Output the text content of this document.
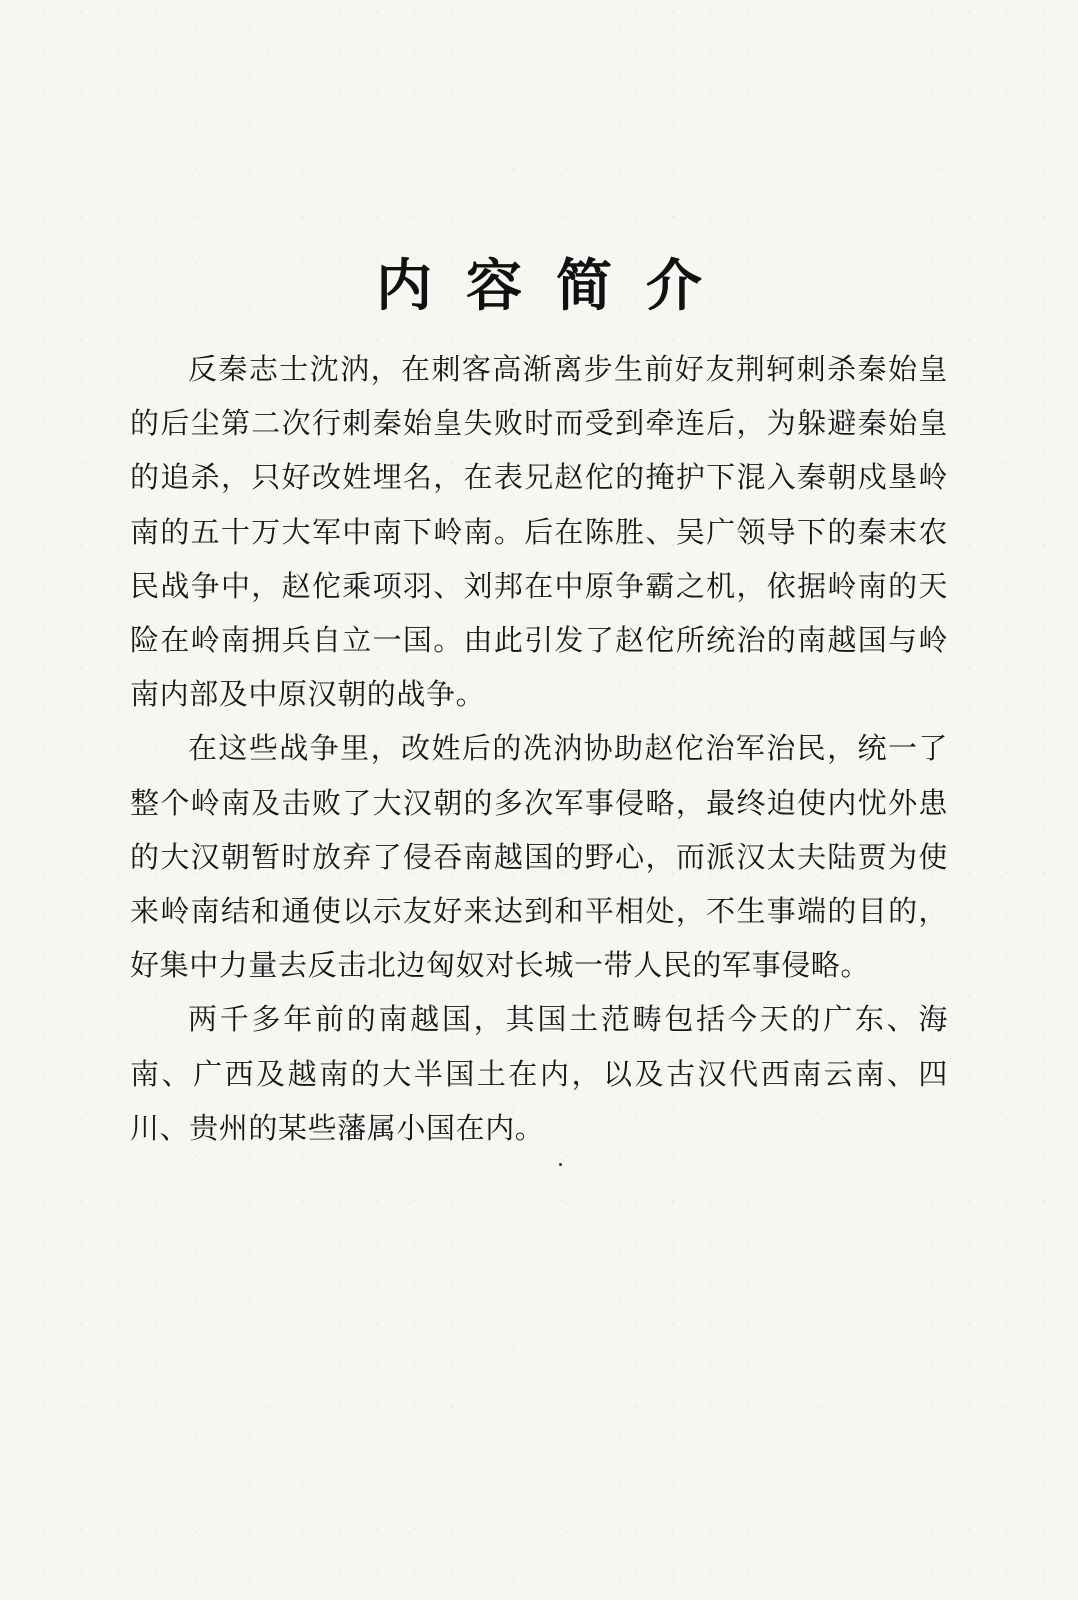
内容简介

反秦志士沈汭，在刺客高渐离步生前好友荆轲刺杀秦始皇的后尘第二次行刺秦始皇失败时而受到牵连后，为躲避秦始皇的追杀，只好改姓埋名，在表兄赵佗的掩护下混入秦朝戍垦岭南的五十万大军中南下岭南。后在陈胜、吴广领导下的秦末农民战争中，赵佗乘项羽、刘邦在中原争霸之机，依据岭南的天险在岭南拥兵自立一国。由此引发了赵佗所统治的南越国与岭南内部及中原汉朝的战争。

在这些战争里，改姓后的冼汭协助赵佗治军治民，统一了整个岭南及击败了大汉朝的多次军事侵略，最终迫使内忧外患的大汉朝暂时放弃了侵吞南越国的野心，而派汉太夫陆贾为使来岭南结和通使以示友好来达到和平相处，不生事端的目的，好集中力量去反击北边匈奴对长城一带人民的军事侵略。

两千多年前的南越国，其国土范畴包括今天的广东、海南、广西及越南的大半国土在内，以及古汉代西南云南、四川、贵州的某些藩属小国在内。
